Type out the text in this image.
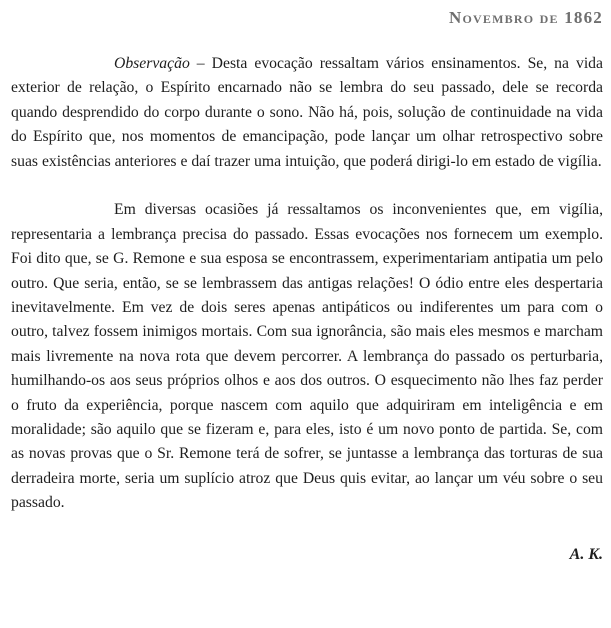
Novembro de 1862

Observação – Desta evocação ressaltam vários ensinamentos. Se, na vida exterior de relação, o Espírito encarnado não se lembra do seu passado, dele se recorda quando desprendido do corpo durante o sono. Não há, pois, solução de continuidade na vida do Espírito que, nos momentos de emancipação, pode lançar um olhar retrospectivo sobre suas existências anteriores e daí trazer uma intuição, que poderá dirigi-lo em estado de vigília.

Em diversas ocasiões já ressaltamos os inconvenientes que, em vigília, representaria a lembrança precisa do passado. Essas evocações nos fornecem um exemplo. Foi dito que, se G. Remone e sua esposa se encontrassem, experimentariam antipatia um pelo outro. Que seria, então, se se lembrassem das antigas relações! O ódio entre eles despertaria inevitavelmente. Em vez de dois seres apenas antipáticos ou indiferentes um para com o outro, talvez fossem inimigos mortais. Com sua ignorância, são mais eles mesmos e marcham mais livremente na nova rota que devem percorrer. A lembrança do passado os perturbaria, humilhando-os aos seus próprios olhos e aos dos outros. O esquecimento não lhes faz perder o fruto da experiência, porque nascem com aquilo que adquiriram em inteligência e em moralidade; são aquilo que se fizeram e, para eles, isto é um novo ponto de partida. Se, com as novas provas que o Sr. Remone terá de sofrer, se juntasse a lembrança das torturas de sua derradeira morte, seria um suplício atroz que Deus quis evitar, ao lançar um véu sobre o seu passado.

A. K.
